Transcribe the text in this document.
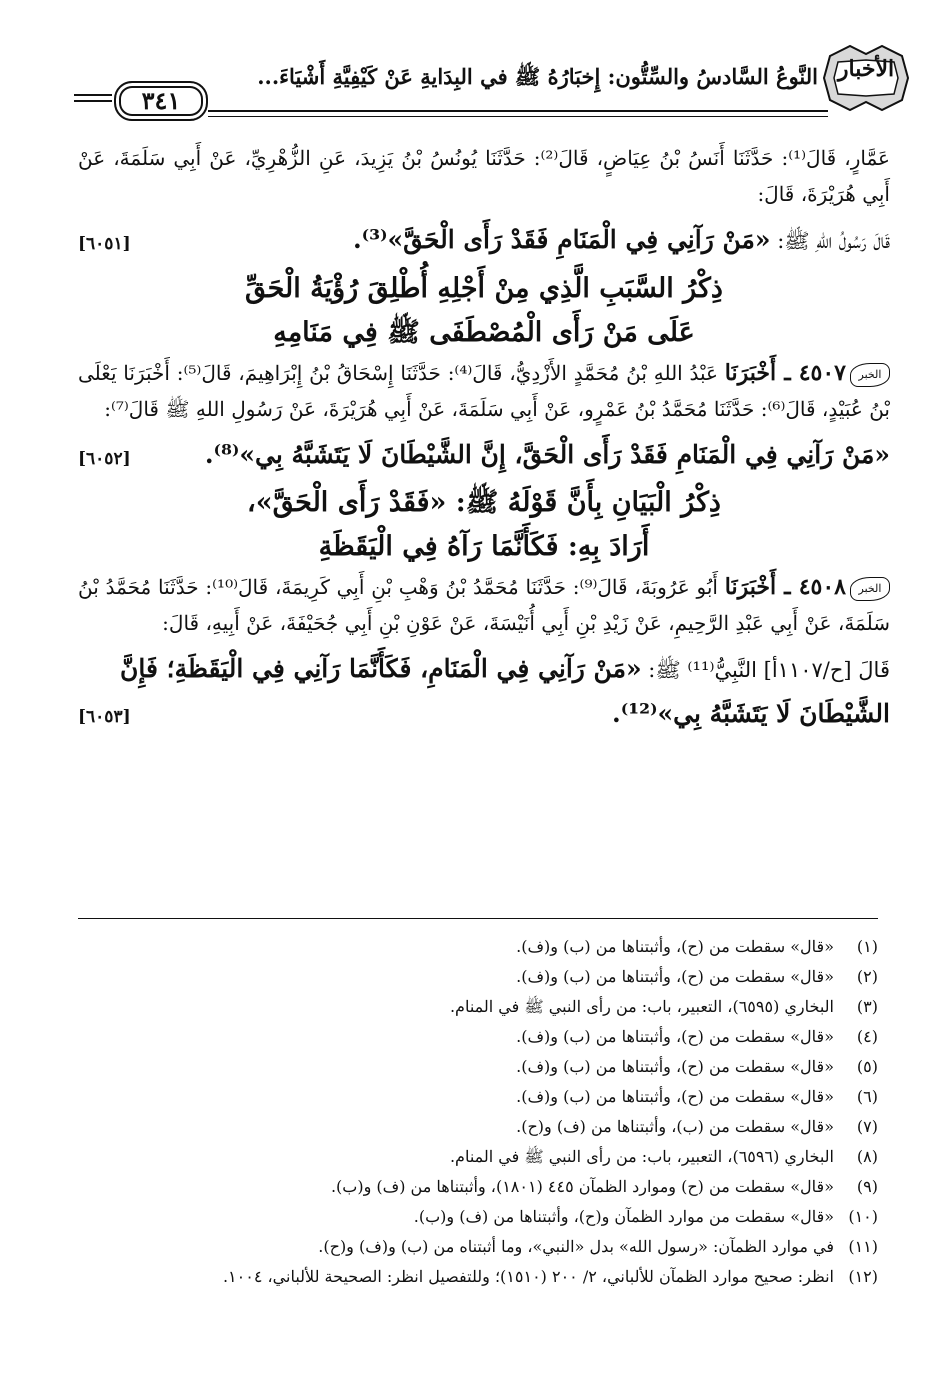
الأخبار
النَّوعُ السَّادسُ والسِّتُّون: إِخبَارُهُ ﷺ في البِدَايةِ عَنْ كَيْفِيَّةِ أَشْيَاءَ...
٣٤١

عَمَّارٍ، قَالَ⁽¹⁾: حَدَّثَنَا أَنَسُ بْنُ عِيَاضٍ، قَالَ⁽²⁾: حَدَّثَنَا يُونُسُ بْنُ يَزِيدَ، عَنِ الزُّهْرِيِّ، عَنْ أَبِي سَلَمَةَ، عَنْ أَبِي هُرَيْرَةَ، قَالَ:

قَالَ رَسُولُ اللهِ ﷺ: «مَنْ رَآنِي فِي الْمَنَامِ فَقَدْ رَأَى الْحَقَّ»⁽³⁾.
[٦٠٥١]

ذِكْرُ السَّبَبِ الَّذِي مِنْ أَجْلِهِ أُطْلِقَ رُؤْيَةُ الْحَقِّ

عَلَى مَنْ رَأَى الْمُصْطَفَى ﷺ فِي مَنَامِهِ

الخبر٤٥٠٧ ـ أَخْبَرَنَا عَبْدُ اللهِ بْنُ مُحَمَّدٍ الأَزْدِيُّ، قَالَ⁽⁴⁾: حَدَّثَنَا إِسْحَاقُ بْنُ إِبْرَاهِيمَ، قَالَ⁽⁵⁾: أَخْبَرَنَا يَعْلَى بْنُ عُبَيْدٍ، قَالَ⁽⁶⁾: حَدَّثَنَا مُحَمَّدُ بْنُ عَمْرٍو، عَنْ أَبِي سَلَمَةَ، عَنْ أَبِي هُرَيْرَةَ، عَنْ رَسُولِ اللهِ ﷺ قَالَ⁽⁷⁾:

«مَنْ رَآنِي فِي الْمَنَامِ فَقَدْ رَأَى الْحَقَّ، إِنَّ الشَّيْطَانَ لَا يَتَشَبَّهُ بِي»⁽⁸⁾.
[٦٠٥٢]

ذِكْرُ الْبَيَانِ بِأَنَّ قَوْلَهُ ﷺ: «فَقَدْ رَأَى الْحَقَّ»،

أَرَادَ بِهِ: فَكَأَنَّمَا رَآهُ فِي الْيَقَظَةِ

الخبر٤٥٠٨ ـ أَخْبَرَنَا أَبُو عَرُوبَةَ، قَالَ⁽⁹⁾: حَدَّثَنَا مُحَمَّدُ بْنُ وَهْبِ بْنِ أَبِي كَرِيمَةَ، قَالَ⁽¹⁰⁾: حَدَّثَنَا مُحَمَّدُ بْنُ سَلَمَةَ، عَنْ أَبِي عَبْدِ الرَّحِيمِ، عَنْ زَيْدِ بْنِ أَبِي أُنَيْسَةَ، عَنْ عَوْنِ بْنِ أَبِي جُحَيْفَةَ، عَنْ أَبِيهِ، قَالَ:

قَالَ [ح/١١٠٧أ] النَّبِيُّ⁽¹¹⁾ ﷺ: «مَنْ رَآنِي فِي الْمَنَامِ، فَكَأَنَّمَا رَآنِي فِي الْيَقَظَةِ؛ فَإِنَّ الشَّيْطَانَ لَا يَتَشَبَّهُ بِي»⁽¹²⁾.
[٦٠٥٣]
(١)
«قال» سقطت من (ح)، وأثبتناها من (ب) و(ف).
(٢)
«قال» سقطت من (ح)، وأثبتناها من (ب) و(ف).
(٣)
البخاري (٦٥٩٥)، التعبير، باب: من رأى النبي ﷺ في المنام.
(٤)
«قال» سقطت من (ح)، وأثبتناها من (ب) و(ف).
(٥)
«قال» سقطت من (ح)، وأثبتناها من (ب) و(ف).
(٦)
«قال» سقطت من (ح)، وأثبتناها من (ب) و(ف).
(٧)
«قال» سقطت من (ب)، وأثبتناها من (ف) و(ح).
(٨)
البخاري (٦٥٩٦)، التعبير، باب: من رأى النبي ﷺ في المنام.
(٩)
«قال» سقطت من (ح) وموارد الظمآن ٤٤٥ (١٨٠١)، وأثبتناها من (ف) و(ب).
(١٠)
«قال» سقطت من موارد الظمآن و(ح)، وأثبتناها من (ف) و(ب).
(١١)
في موارد الظمآن: «رسول الله» بدل «النبي»، وما أثبتناه من (ب) و(ف) و(ح).
(١٢)
انظر: صحيح موارد الظمآن للألباني، ٢/ ٢٠٠ (١٥١٠)؛ وللتفصيل انظر: الصحيحة للألباني، ١٠٠٤.
